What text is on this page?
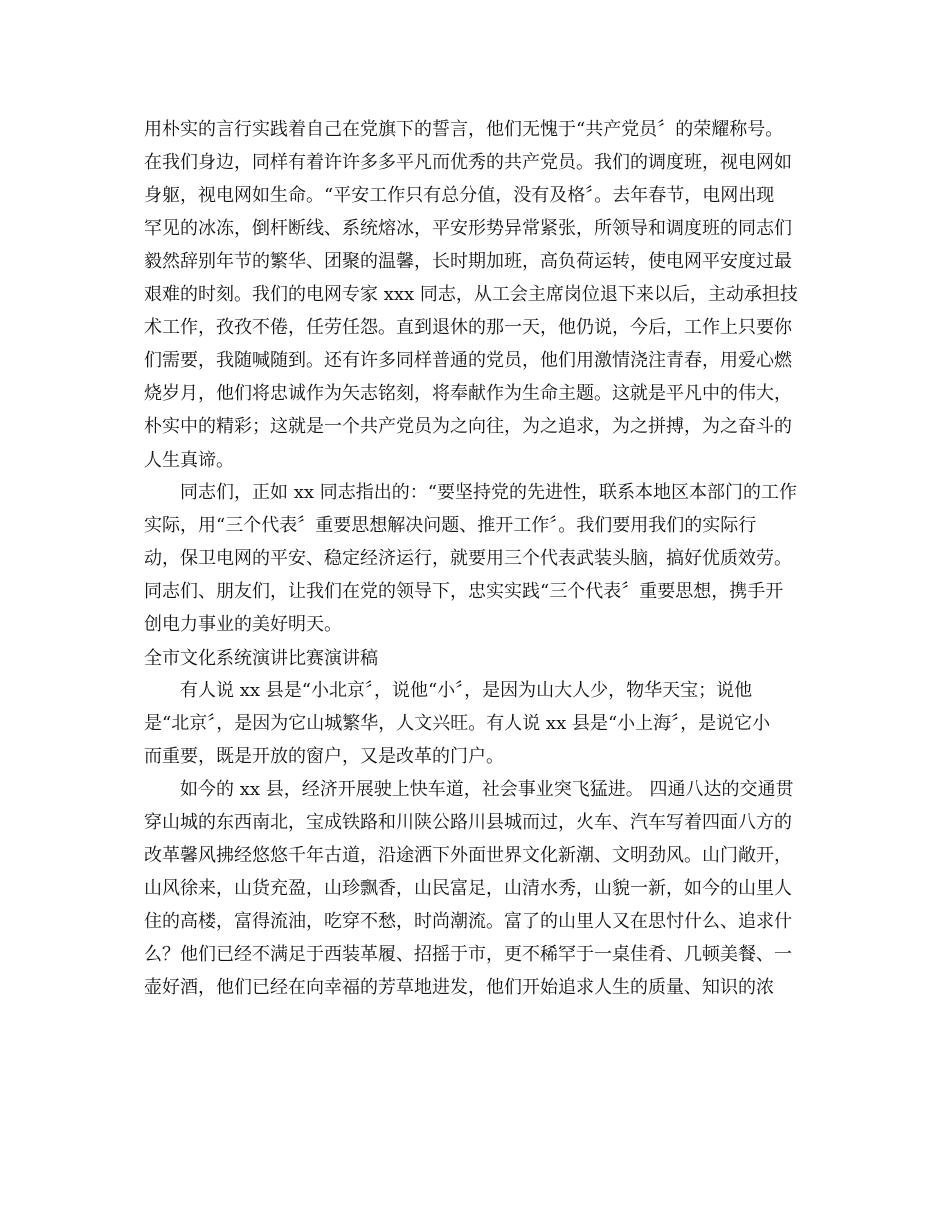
用朴实的言行实践着自己在党旗下的誓言，他们无愧于“共产党员〞的荣耀称号。
在我们身边，同样有着许许多多平凡而优秀的共产党员。我们的调度班，视电网如
身躯，视电网如生命。“平安工作只有总分值，没有及格〞。去年春节，电网出现
罕见的冰冻，倒杆断线、系统熔冰，平安形势异常紧张，所领导和调度班的同志们
毅然辞别年节的繁华、团聚的温馨，长时期加班，高负荷运转，使电网平安度过最
艰难的时刻。我们的电网专家 xxx 同志，从工会主席岗位退下来以后，主动承担技
术工作，孜孜不倦，任劳任怨。直到退休的那一天，他仍说，今后，工作上只要你
们需要，我随喊随到。还有许多同样普通的党员，他们用激情浇注青春，用爱心燃
烧岁月，他们将忠诚作为矢志铭刻，将奉献作为生命主题。这就是平凡中的伟大，
朴实中的精彩；这就是一个共产党员为之向往，为之追求，为之拼搏，为之奋斗的
人生真谛。
同志们，正如 xx 同志指出的：“要坚持党的先进性，联系本地区本部门的工作
实际，用“三个代表〞重要思想解决问题、推开工作〞。我们要用我们的实际行
动，保卫电网的平安、稳定经济运行，就要用三个代表武装头脑，搞好优质效劳。
同志们、朋友们，让我们在党的领导下，忠实实践“三个代表〞重要思想，携手开
创电力事业的美好明天。
全市文化系统演讲比赛演讲稿
有人说 xx 县是“小北京〞，说他“小〞，是因为山大人少，物华天宝；说他
是“北京〞，是因为它山城繁华，人文兴旺。有人说 xx 县是“小上海〞，是说它小
而重要，既是开放的窗户，又是改革的门户。
如今的 xx 县，经济开展驶上快车道，社会事业突飞猛进。 四通八达的交通贯
穿山城的东西南北，宝成铁路和川陕公路川县城而过，火车、汽车写着四面八方的
改革馨风拂经悠悠千年古道，沿途洒下外面世界文化新潮、文明劲风。山门敞开，
山风徐来，山货充盈，山珍飘香，山民富足，山清水秀，山貌一新，如今的山里人
住的高楼，富得流油，吃穿不愁，时尚潮流。富了的山里人又在思忖什么、追求什
么？他们已经不满足于西装革履、招摇于市，更不稀罕于一桌佳肴、几顿美餐、一
壶好酒，他们已经在向幸福的芳草地进发，他们开始追求人生的质量、知识的浓
